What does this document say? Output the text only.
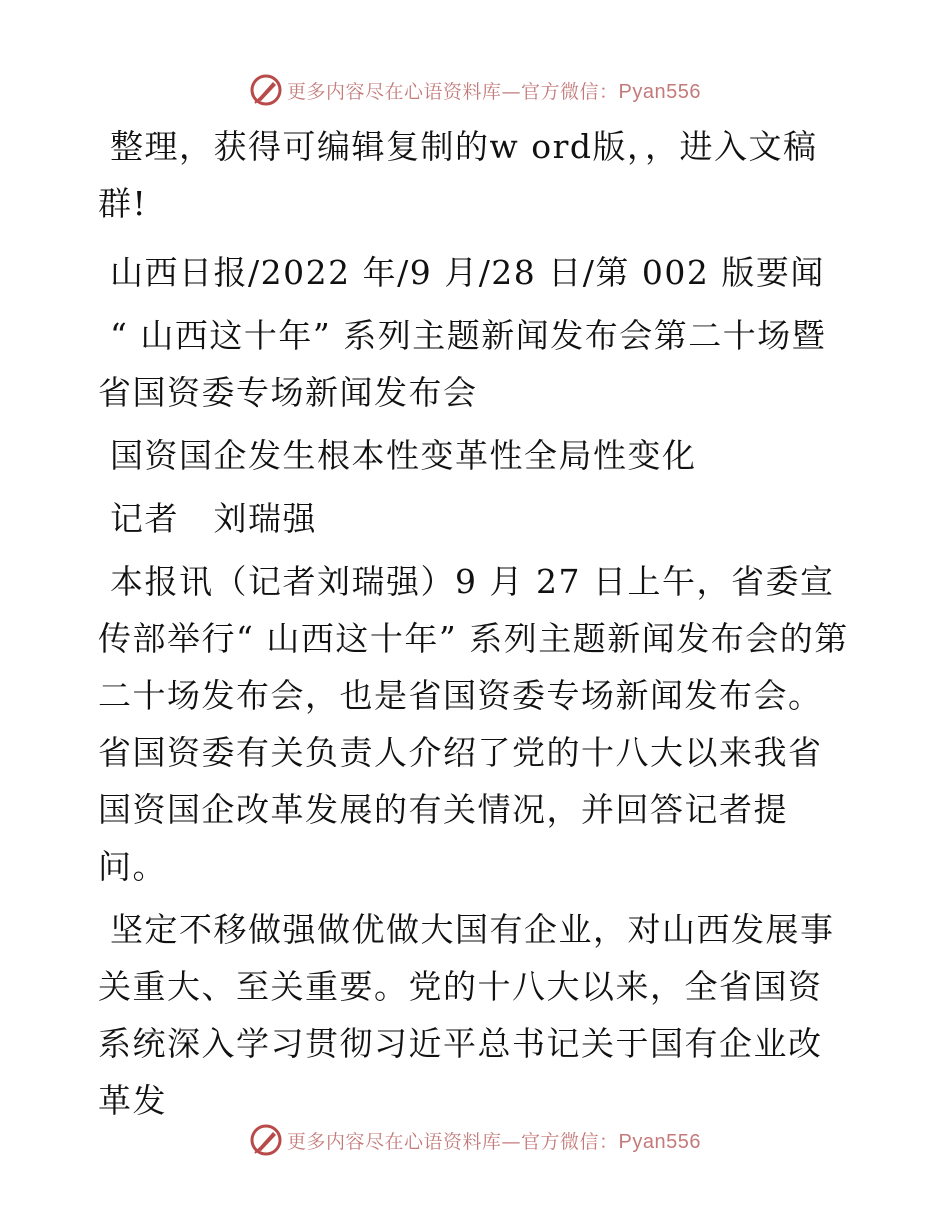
更多内容尽在心语资料库—官方微信：Pyan556

整理，获得可编辑复制的w ord版，，进入文稿群!

山西日报/2022 年/9 月/28 日/第 002 版要闻

“ 山西这十年” 系列主题新闻发布会第二十场暨省国资委专场新闻发布会

国资国企发生根本性变革性全局性变化

记者　刘瑞强

本报讯（记者刘瑞强）9 月 27 日上午，省委宣传部举行“ 山西这十年” 系列主题新闻发布会的第二十场发布会，也是省国资委专场新闻发布会。省国资委有关负责人介绍了党的十八大以来我省国资国企改革发展的有关情况，并回答记者提问。

坚定不移做强做优做大国有企业，对山西发展事关重大、至关重要。党的十八大以来，全省国资系统深入学习贯彻习近平总书记关于国有企业改革发

更多内容尽在心语资料库—官方微信：Pyan556
